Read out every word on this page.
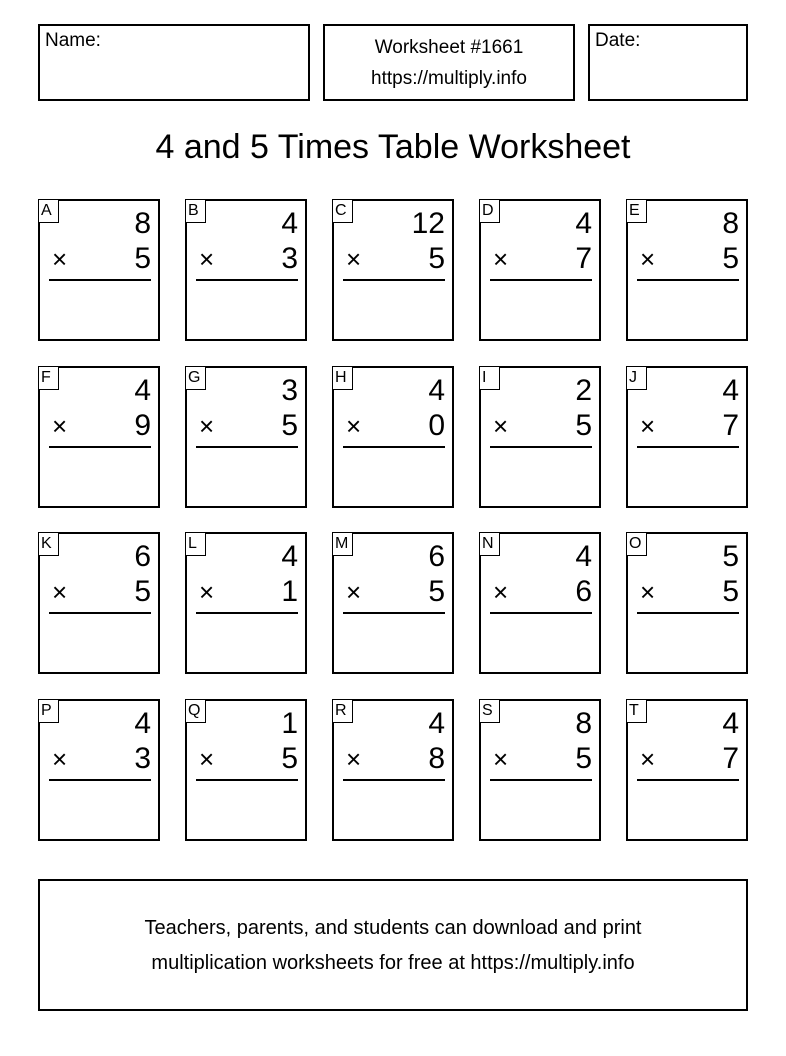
Name:	Worksheet #1661
https://multiply.info
Date:
4 and 5 Times Table Worksheet
A	8
× 5
B	4
× 3
C 12
× 5
D	4
× 7
E	8
× 5
F	4
× 9
G	3
× 5
H	4
× 0
I	2
× 5
J	4
× 7
K	6
× 5
L	4
× 1
M	6
× 5
N	4
× 6
O	5
× 5
P	4
× 3
Q	1
× 5
R	4
× 8
S	8
× 5
T	4
× 7
Teachers, parents, and students can download and print
multiplication worksheets for free at https://multiply.info
